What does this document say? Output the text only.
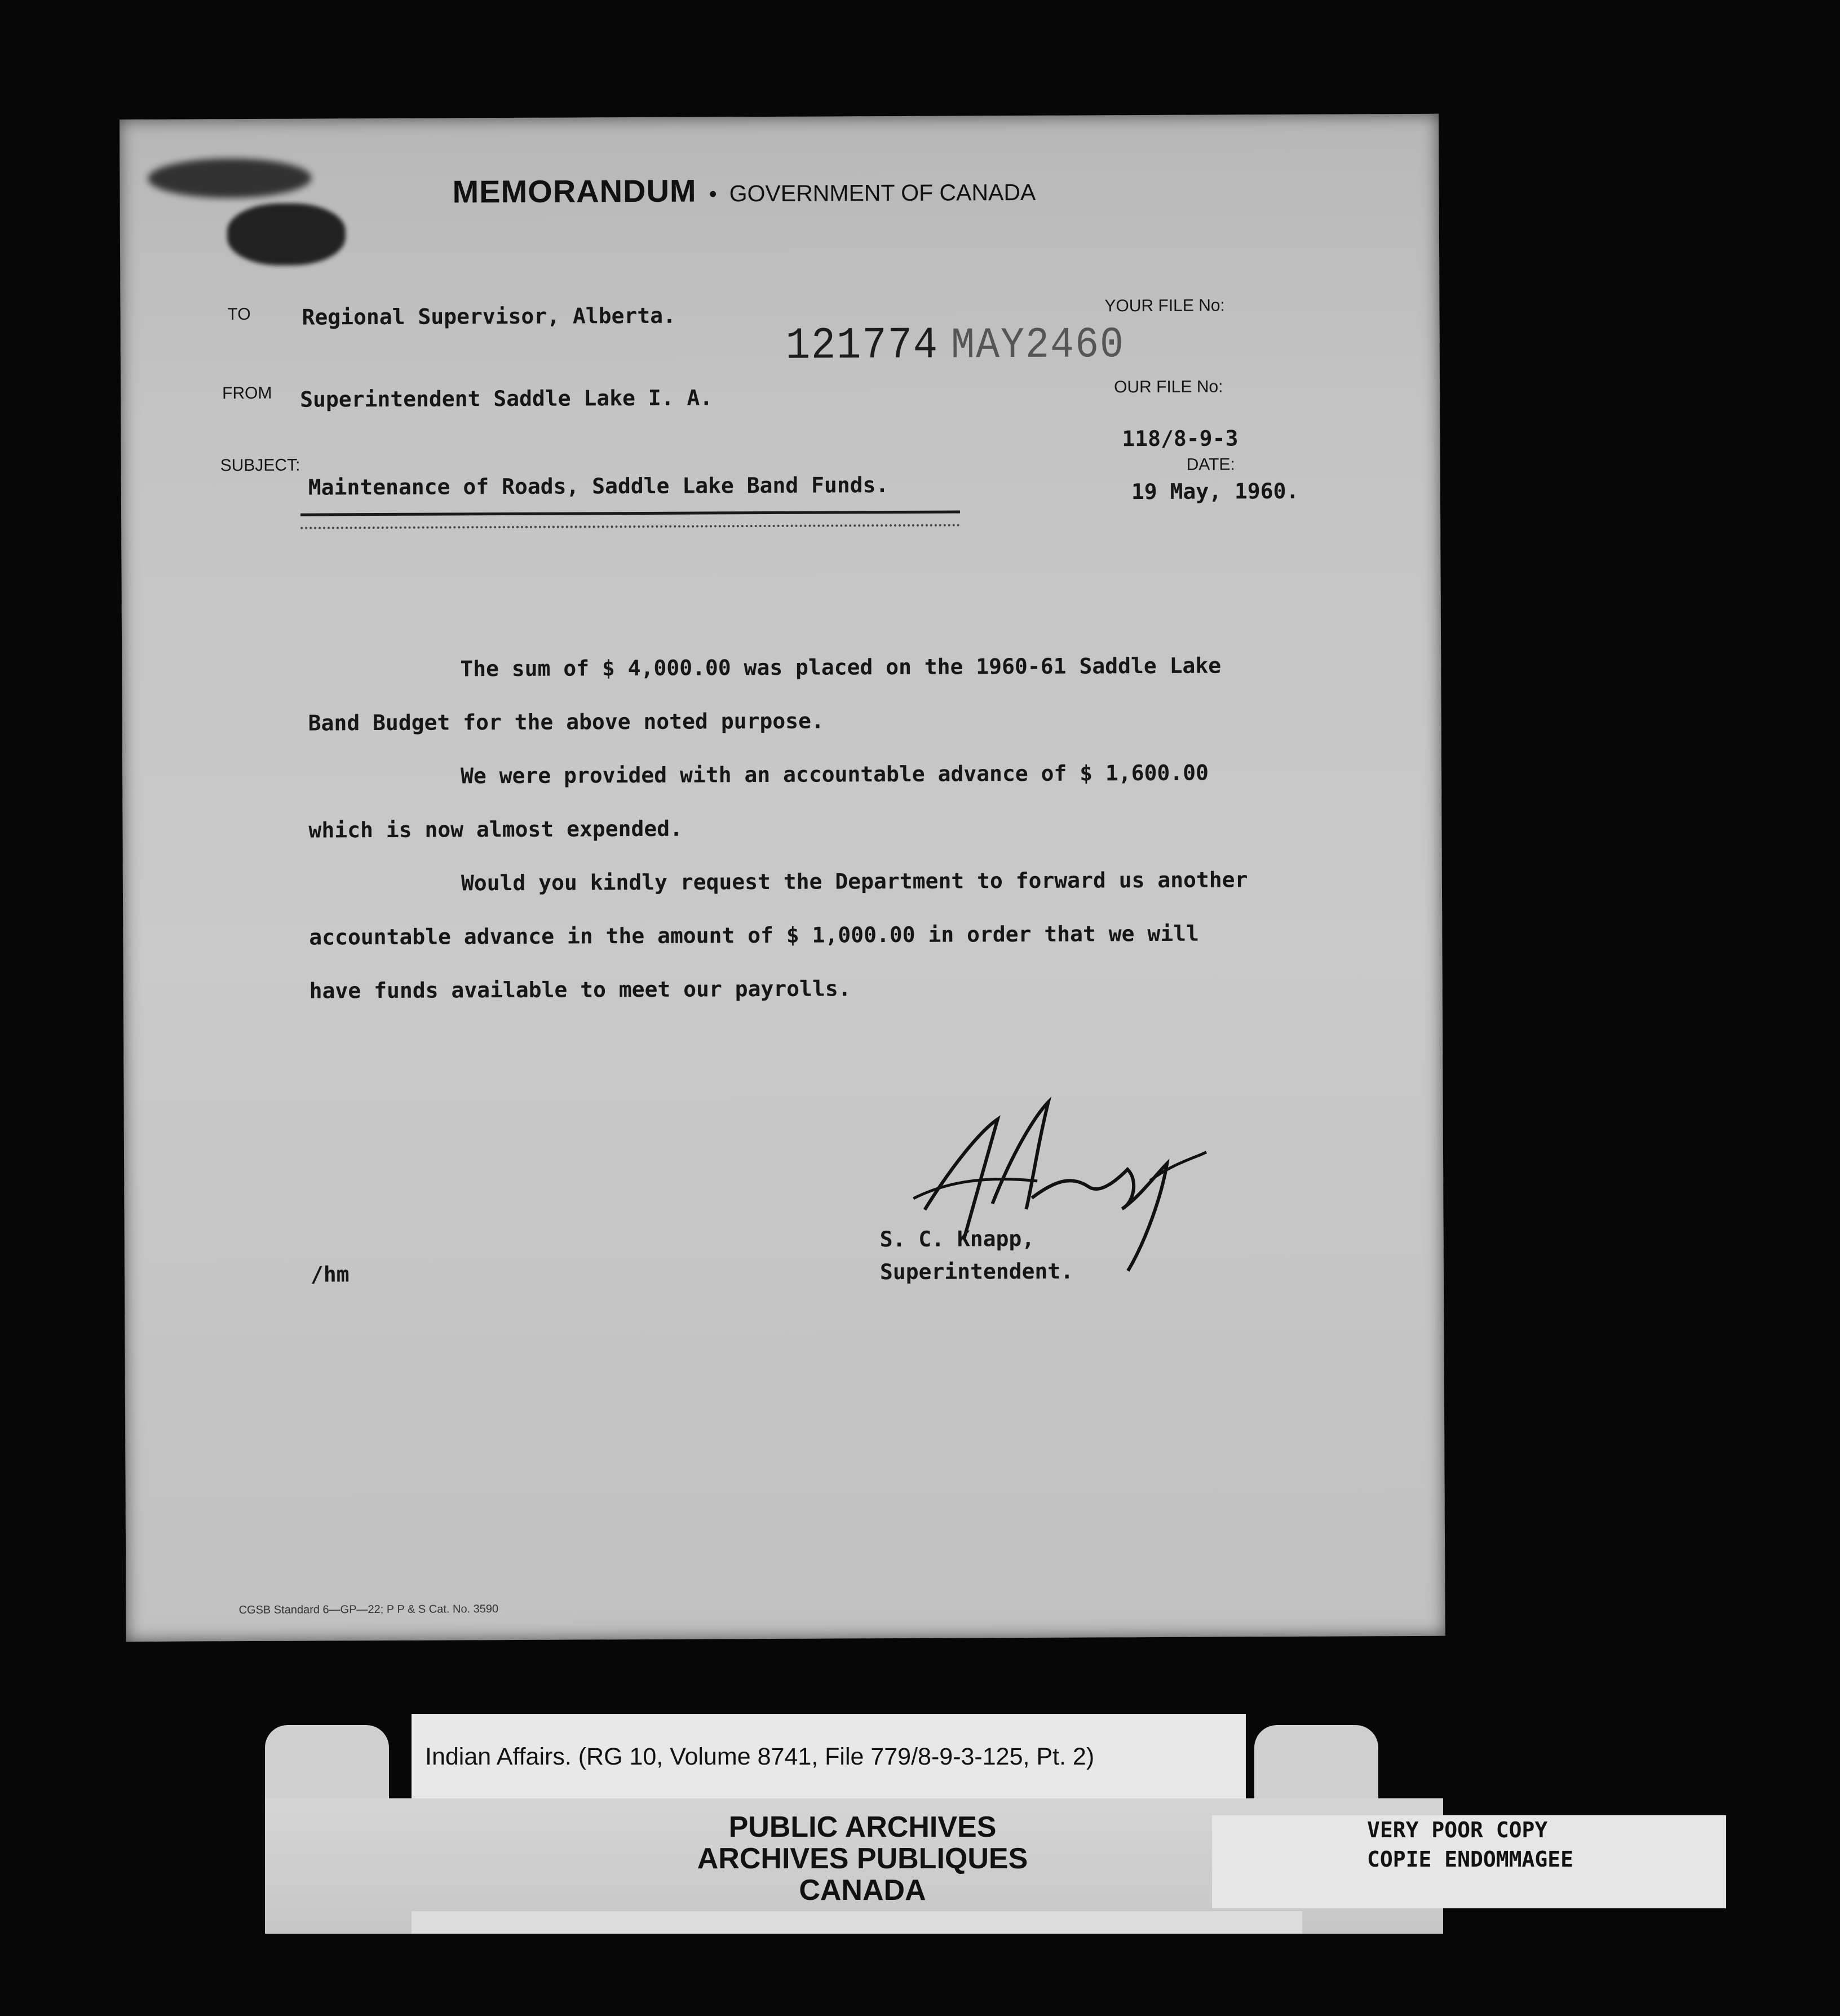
MEMORANDUM • GOVERNMENT OF CANADA
TO Regional Supervisor, Alberta.	YOUR FILE No:
121774 MAY2460
FROM Superintendent Saddle Lake I. A.	OUR FILE No:
118/8-9-3
SUBJECT:
Maintenance of Roads, Saddle Lake Band Funds.
DATE:
19 May, 1960.

The sum of $ 4,000.00 was placed on the 1960-61 Saddle Lake

Band Budget for the above noted purpose.

We were provided with an accountable advance of $ 1,600.00

which is now almost expended.

Would you kindly request the Department to forward us another

accountable advance in the amount of $ 1,000.00 in order that we will

have funds available to meet our payrolls.

S. C. Knapp,
Superintendent.
/hm
CGSB Standard 6—GP—22; P P & S Cat. No. 3590
Indian Affairs. (RG 10, Volume 8741, File 779/8-9-3-125, Pt. 2)
PUBLIC ARCHIVES
ARCHIVES PUBLIQUES
CANADA
VERY POOR COPY
COPIE ENDOMMAGEE
